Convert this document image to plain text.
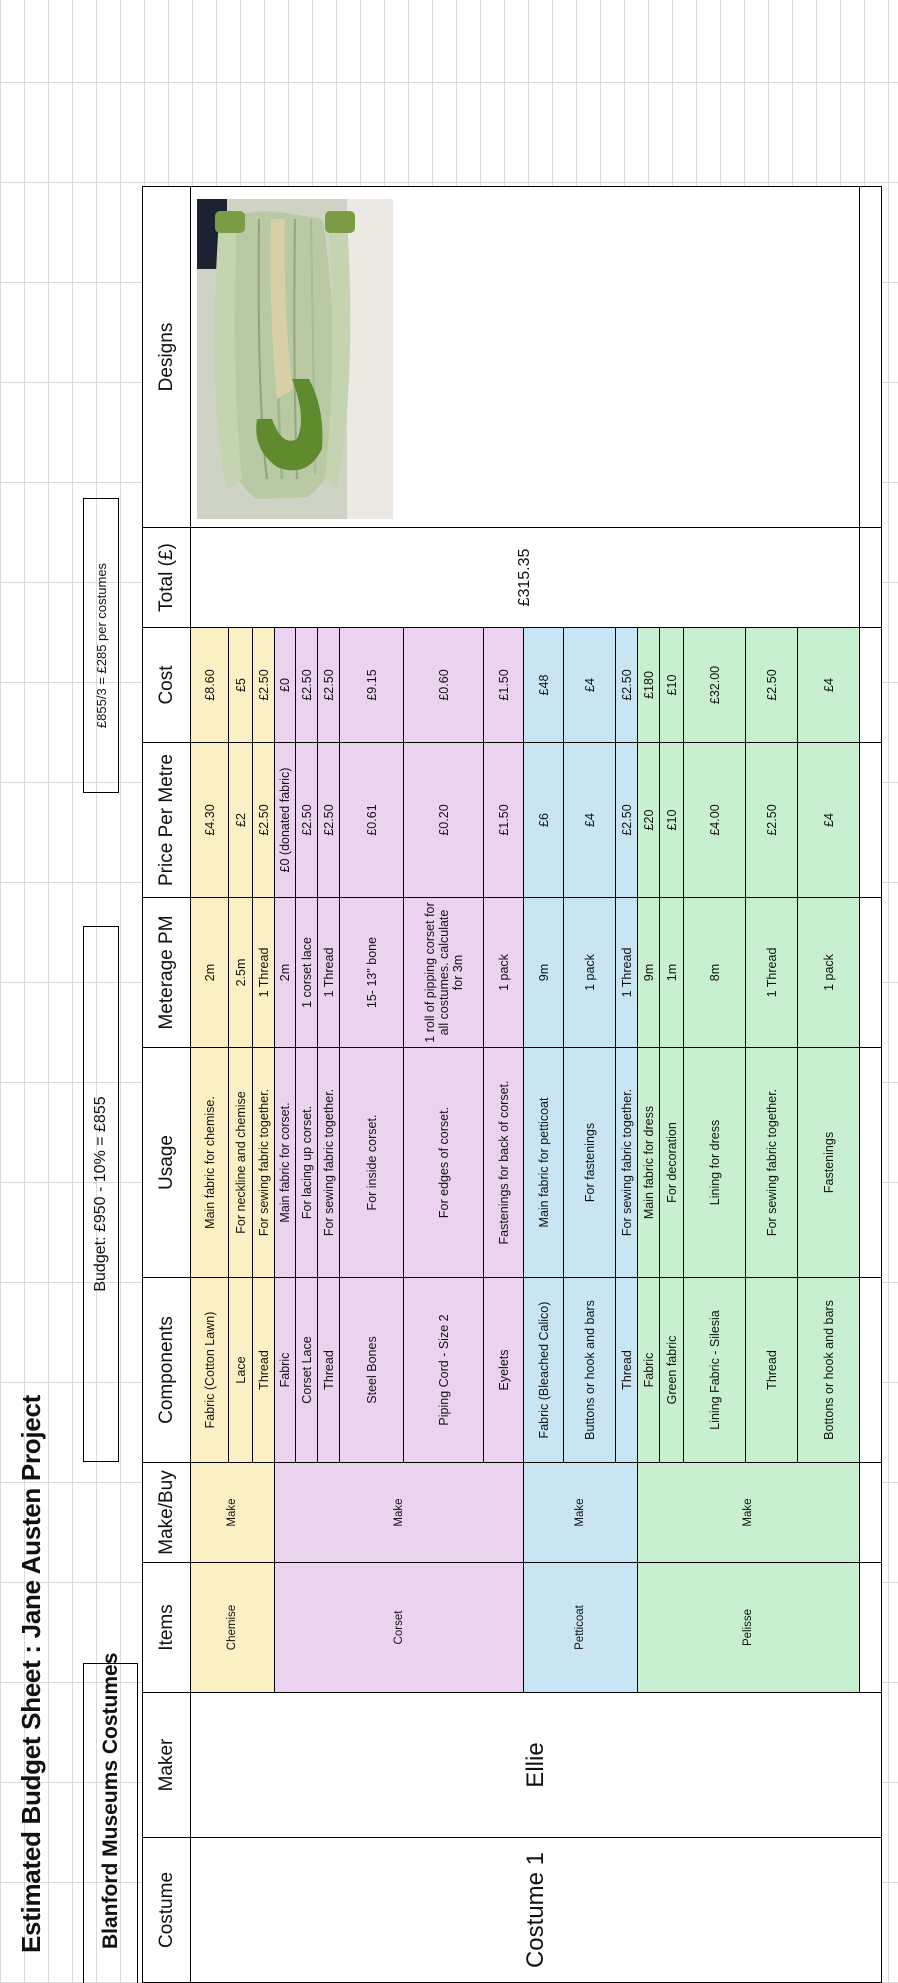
Estimated Budget Sheet : Jane Austen Project	Blanford Museums Costumes
Budget: £950 - 10% = £855
£855/3 = £285 per costumes
Costume	Maker	Items	Make/Buy	Components	Usage	Meterage PM	Price Per Metre	Cost	Total (£)	Designs
Costume 1	Ellie	Chemise	Make	Fabric (Cotton Lawn)	Main fabric for chemise.	2m	£4.30	£8.60	£315.35	

				Lace	For neckline and chemise	2.5m	£2	£5		
				Thread	For sewing fabric together.	1 Thread	£2.50	£2.50		
		Corset	Make	Fabric	Main fabric for corset.	2m	£0 (donated fabric)	£0		
				Corset Lace	For lacing up corset.	1 corset lace	£2.50	£2.50		
				Thread	For sewing fabric together.	1 Thread	£2.50	£2.50		
				Steel Bones	For inside corset.	15- 13" bone	£0.61	£9.15		
				Piping Cord - Size 2	For edges of corset.	1 roll of pipping corset for all costumes. calculate for 3m	£0.20	£0.60		
				Eyelets	Fastenings for back of corset.	1 pack	£1.50	£1.50		
		Petticoat	Make	Fabric (Bleached Calico)	Main fabric for petticoat	9m	£6	£48		
				Buttons or hook and bars	For fastenings	1 pack	£4	£4		
				Thread	For sewing fabric together.	1 Thread	£2.50	£2.50		
		Pelisse	Make	Fabric	Main fabric for dress	9m	£20	£180		
				Green fabric	For decoration	1m	£10	£10		
				Lining Fabric - Silesia	Lining for dress	8m	£4.00	£32.00		
				Thread	For sewing fabric together.	1 Thread	£2.50	£2.50		
				Bottons or hook and bars	Fastenings	1 pack	£4	£4		
